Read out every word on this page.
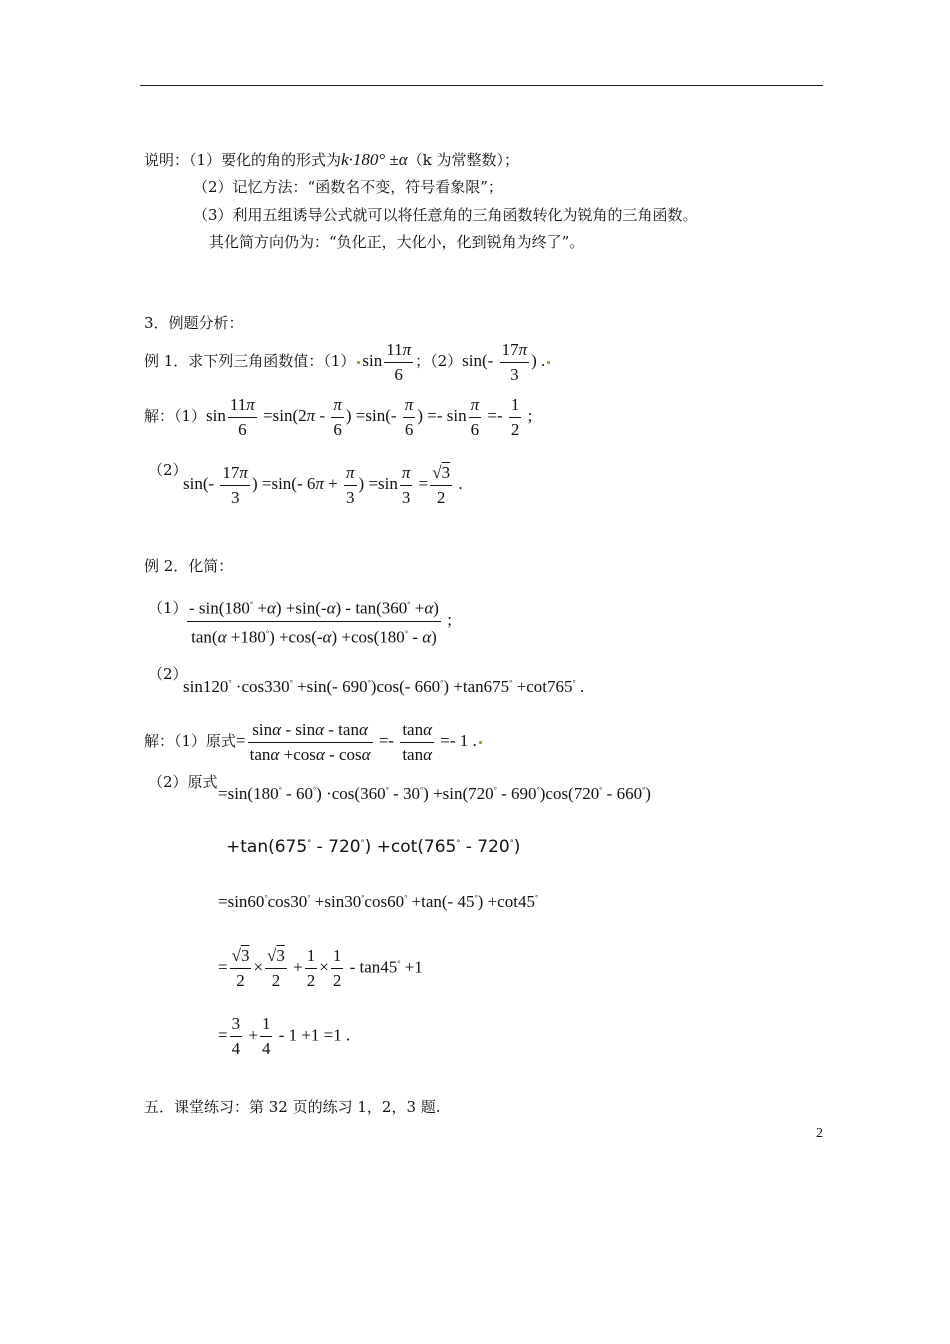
说明：（1）要化的角的形式为k·180° ±α（k 为常整数）；
（2）记忆方法：“函数名不变，符号看象限”；
（3）利用五组诱导公式就可以将任意角的三角函数转化为锐角的三角函数。
其化简方向仍为：“负化正，大化小，化到锐角为终了”。
3．例题分析：
例 1．求下列三角函数值：（1） $\sin \frac{11\pi}{6}$ ；$(2)\sin(- \frac{17\pi}{3}$ ) .
解：$(1)\sin \frac{11\pi}{6} =\sin(2\pi - \frac{\pi}{6}$ ) $=\sin(- \frac{\pi}{6}$ ) =- $\sin \frac{\pi}{6} =- \frac{1}{2}$ ;
（2）
$\sin(- \frac{17\pi}{3}$ ) =sin(- $6\pi + \frac{\pi}{3}$ ) $=\sin \frac{\pi}{3} = \frac{√3}{2}$ .
例 2．化简：
$(1) \frac{- \sin(180^\circ +\alpha) +\sin(-\alpha) - \tan(360^\circ +\alpha)}{\tan(\alpha +180^\circ) +\cos(-\alpha) +\cos(180^\circ - \alpha)}$ ;
（2）
sin120° ·cos330° +sin(- 690°)cos(- 660°) +tan675° +cot765° .
解：（1）原式= $\frac{\sin\alpha - \sin\alpha - \tan\alpha}{\tan\alpha +\cos\alpha - \cos\alpha} =- \frac{\tan\alpha}{\tan\alpha} =- 1$ .
（2）原式
=sin(180° - 60°) ·cos(360° - 30°) +sin(720° - 690°)cos(720° - 660°)
+tan(675° - 720°) +cot(765° - 720°)
=sin60°cos30° +sin30°cos60° +tan(- 45°) +cot45°
= $\frac{√3}{2} \times \frac{√3}{2} + \frac{1}{2} \times \frac{1}{2} - \tan 45^\circ +1$
= $\frac{3}{4} + \frac{1}{4} - 1 +1 =1$ .
五．课堂练习：第 32 页的练习 1，2，3 题.
2
